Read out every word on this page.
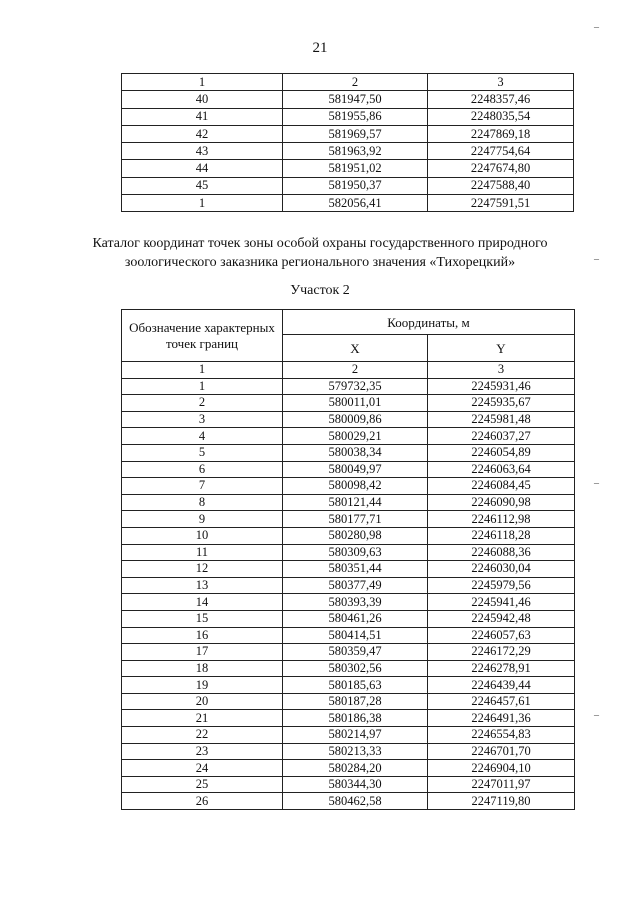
21
1	2	3
40	581947,50	2248357,46
41	581955,86	2248035,54
42	581969,57	2247869,18
43	581963,92	2247754,64
44	581951,02	2247674,80
45	581950,37	2247588,40
1	582056,41	2247591,51
Каталог координат точек зоны особой охраны государственного природного
зоологического заказника регионального значения «Тихорецкий»
Участок 2
Обозначение характерных точек границ	Координаты, м	
	X	Y
1	2	3
1	579732,35	2245931,46
2	580011,01	2245935,67
3	580009,86	2245981,48
4	580029,21	2246037,27
5	580038,34	2246054,89
6	580049,97	2246063,64
7	580098,42	2246084,45
8	580121,44	2246090,98
9	580177,71	2246112,98
10	580280,98	2246118,28
11	580309,63	2246088,36
12	580351,44	2246030,04
13	580377,49	2245979,56
14	580393,39	2245941,46
15	580461,26	2245942,48
16	580414,51	2246057,63
17	580359,47	2246172,29
18	580302,56	2246278,91
19	580185,63	2246439,44
20	580187,28	2246457,61
21	580186,38	2246491,36
22	580214,97	2246554,83
23	580213,33	2246701,70
24	580284,20	2246904,10
25	580344,30	2247011,97
26	580462,58	2247119,80
‒
‒
‒
‒
